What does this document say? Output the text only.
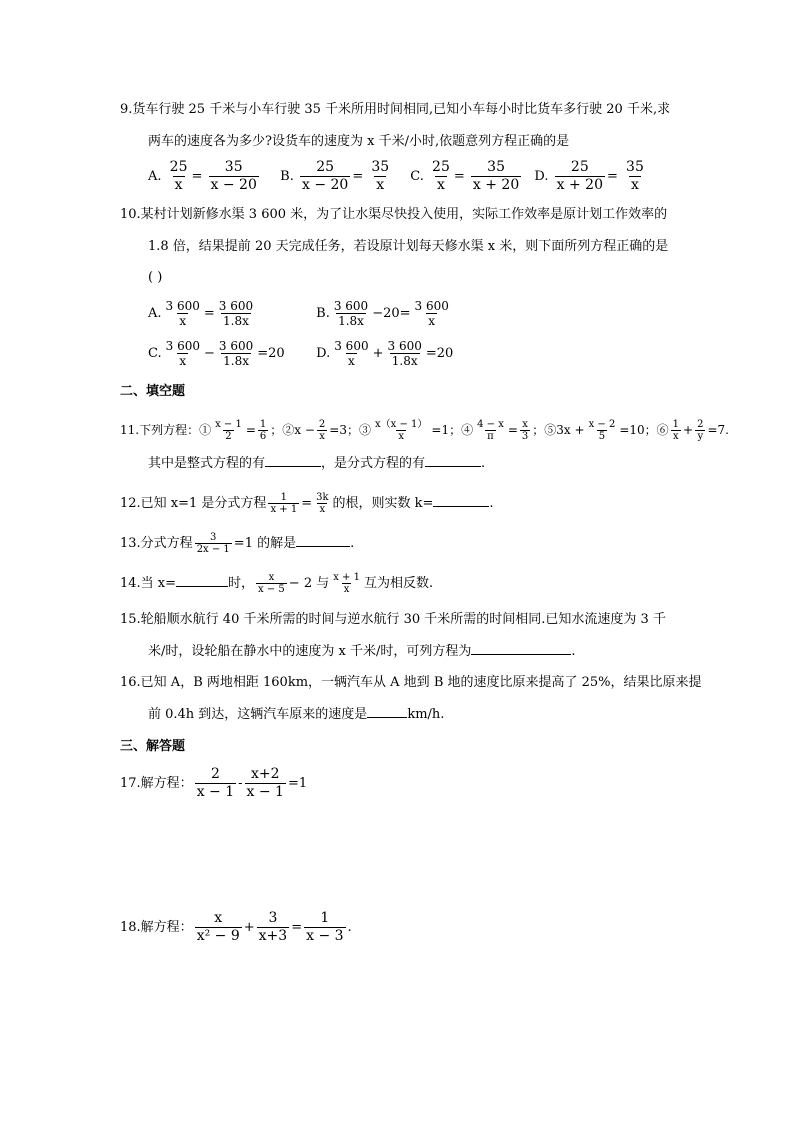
9.货车行驶 25 千米与小车行驶 35 千米所用时间相同,已知小车每小时比货车多行驶 20 千米,求
两车的速度各为多少?设货车的速度为 x 千米/小时,依题意列方程正确的是
A. $\frac{25}{x} = \frac{35}{x - 20} B$. $\frac{25}{x - 20} = \frac{35}{x} C$. $\frac{25}{x} = \frac{35}{x + 20} D$. $\frac{25}{x + 20} = \frac{35}{x}$
10.某村计划新修水渠 3 600 米，为了让水渠尽快投入使用，实际工作效率是原计划工作效率的
1.8 倍，结果提前 20 天完成任务，若设原计划每天修水渠 x 米，则下面所列方程正确的是
( )
A. $\frac{3 600}{x} = \frac{3 600}{1.8x}$	B. $\frac{3 600}{1.8x} -20= \frac{3 600}{x}$
C. $\frac{3 600}{x} - \frac{3 600}{1.8x} =20$ D. $\frac{3 600}{x} + \frac{3 600}{1.8x} =20$
二、填空题
11.下列方程：① $\frac{x - 1}{2} = \frac{1}{6}$ ；②x − $\frac{2}{x} =3$；③ $\frac{x(x - 1)}{x} =1$；④ $\frac{4 - x}{\pi} = \frac{x}{3}$ ；⑤3x + $\frac{x - 2}{5} =10$；⑥ $\frac{1}{x} + \frac{2}{y} =7$.
其中是整式方程的有	，是分式方程的有	.
12.已知 x=1 是分式方程 $\frac{1}{x + 1} = \frac{3k}{x}$ 的根，则实数 k=	.
13.分式方程 $\frac{3}{2x - 1} =1$ 的解是	.
14.当 x=	时， $\frac{x}{x - 5} - 2$ 与 $\frac{x + 1}{x}$ 互为相反数.
15.轮船顺水航行 40 千米所需的时间与逆水航行 30 千米所需的时间相同.已知水流速度为 3 千
米/时，设轮船在静水中的速度为 x 千米/时，可列方程为	.
16.已知 A，B 两地相距 160km，一辆汽车从 A 地到 B 地的速度比原来提高了 25%，结果比原来提
前 0.4h 到达，这辆汽车原来的速度是	km/h.
三、解答题
17.解方程： $\frac{2}{x - 1} - \frac{x+2}{x - 1} =1$
18.解方程： $\frac{x}{\text{x² − 9}} + \frac{3}{x+3} = \frac{1}{x - 3}$ .
